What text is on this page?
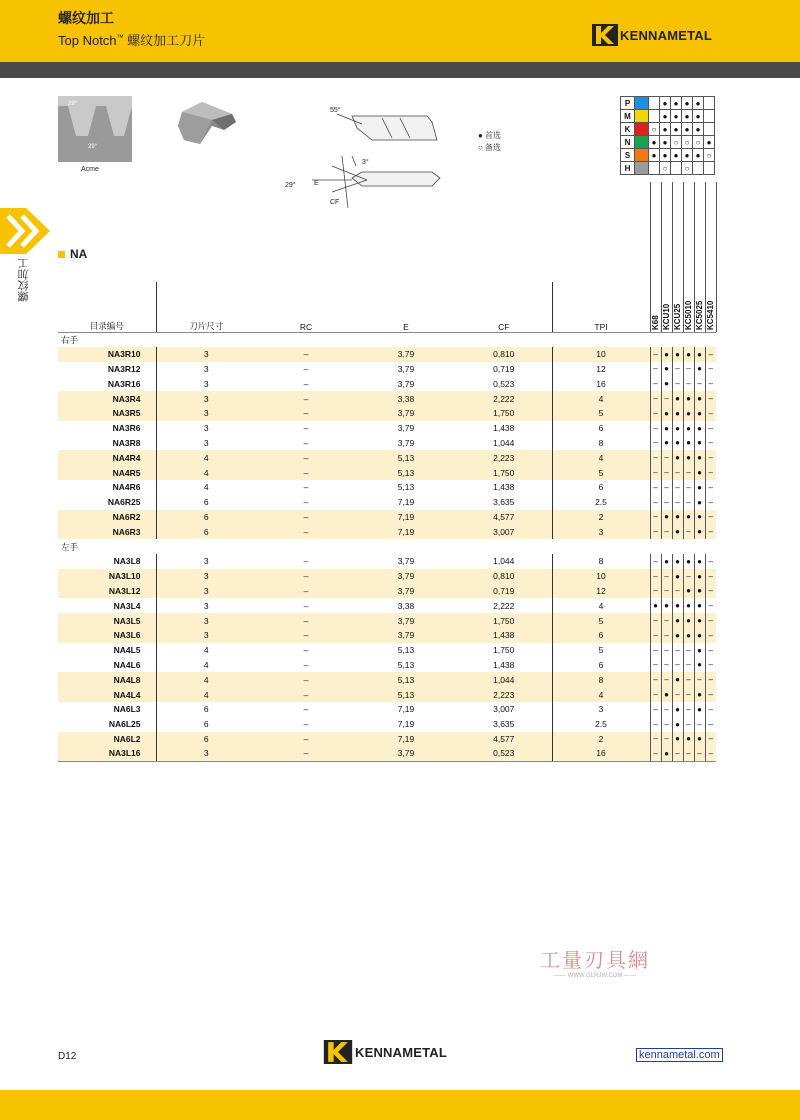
螺纹加工
Top Notch™ 螺纹加工刀片	KENNAMETAL
螺纹加工
29°
29°
Acme
55°
3°
29°	E
CF
● 首选
○ 备选
P			●	●	●	●	
M			●	●	●	●	
K		○	●	●	●	●	
N		●	●	○	○	○	●
S		●	●	●	●	●	○
H			○		○		
NA
K68 KCU10 KCU25 KC5010 KC5025 KC5410
目录编号	刀片尺寸	RC	E	CF	TPI						
右手											
NA3R10	3	–	3,79	0,810	10	–	●	●	●	●	–
NA3R12	3	–	3,79	0,719	12	–	●	–	–	●	–
NA3R16	3	–	3,79	0,523	16	–	●	–	–	–	–
NA3R4	3	–	3,38	2,222	4	–	–	●	●	●	–
NA3R5	3	–	3,79	1,750	5	–	●	●	●	●	–
NA3R6	3	–	3,79	1,438	6	–	●	●	●	●	–
NA3R8	3	–	3,79	1,044	8	–	●	●	●	●	–
NA4R4	4	–	5,13	2,223	4	–	–	●	●	●	–
NA4R5	4	–	5,13	1,750	5	–	–	–	–	●	–
NA4R6	4	–	5,13	1,438	6	–	–	–	–	●	–
NA6R25	6	–	7,19	3,635	2.5	–	–	–	–	●	–
NA6R2	6	–	7,19	4,577	2	–	●	●	●	●	–
NA6R3	6	–	7,19	3,007	3	–	–	●	–	●	–
左手											
NA3L8	3	–	3,79	1,044	8	–	●	●	●	●	–
NA3L10	3	–	3,79	0,810	10	–	–	●	–	●	–
NA3L12	3	–	3,79	0,719	12	–	–	–	●	●	–
NA3L4	3	–	3,38	2,222	4	●	●	●	●	●	–
NA3L5	3	–	3,79	1,750	5	–	–	●	●	●	–
NA3L6	3	–	3,79	1,438	6	–	–	●	●	●	–
NA4L5	4	–	5,13	1,750	5	–	–	–	–	●	–
NA4L6	4	–	5,13	1,438	6	–	–	–	–	●	–
NA4L8	4	–	5,13	1,044	8	–	–	●	–	–	–
NA4L4	4	–	5,13	2,223	4	–	●	–	–	●	–
NA6L3	6	–	7,19	3,007	3	–	–	●	–	●	–
NA6L25	6	–	7,19	3,635	2.5	–	–	●	–	–	–
NA6L2	6	–	7,19	4,577	2	–	–	●	●	●	–
NA3L16	3	–	3,79	0,523	16	–	●	–	–	–	–
工量刃具網
—— WWW.GLRJW.COM ——
D12	KENNAMETAL	kennametal.com
